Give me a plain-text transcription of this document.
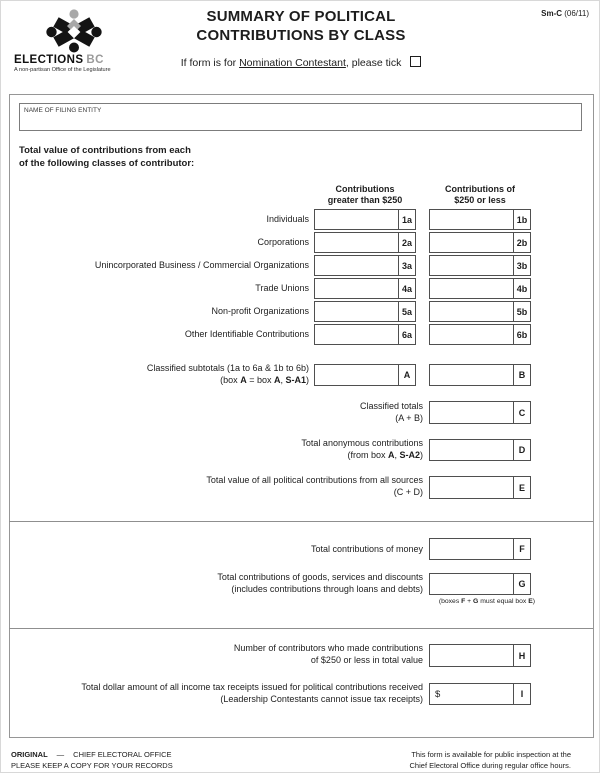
ELECTIONS BC
A non-partisan Office of the Legislature
SUMMARY OF POLITICAL
CONTRIBUTIONS BY CLASS
Sm-C (06/11)
If form is for Nomination Contestant, please tick
NAME OF FILING ENTITY
Total value of contributions from each
of the following classes of contributor:
Contributions
greater than $250
Contributions of
$250 or less
Individuals	1a	1b
Corporations	2a	2b
Unincorporated Business / Commercial Organizations	3a	3b
Trade Unions	4a	4b
Non-profit Organizations	5a	5b
Other Identifiable Contributions	6a	6b
Classified subtotals (1a to 6a & 1b to 6b)
(box A = box A, S-A1)	A	B
Classified totals
(A + B)	C
Total anonymous contributions
(from box A, S-A2)	D
Total value of all political contributions from all sources
(C + D)	E
Total contributions of money	F
Total contributions of goods, services and discounts
(includes contributions through loans and debts)	G
(boxes F + G must equal box E)
Number of contributors who made contributions
of $250 or less in total value	H
Total dollar amount of all income tax receipts issued for political contributions received
(Leadership Contestants cannot issue tax receipts) $	I
ORIGINAL — CHIEF ELECTORAL OFFICE
PLEASE KEEP A COPY FOR YOUR RECORDS
This form is available for public inspection at the
Chief Electoral Office during regular office hours.
